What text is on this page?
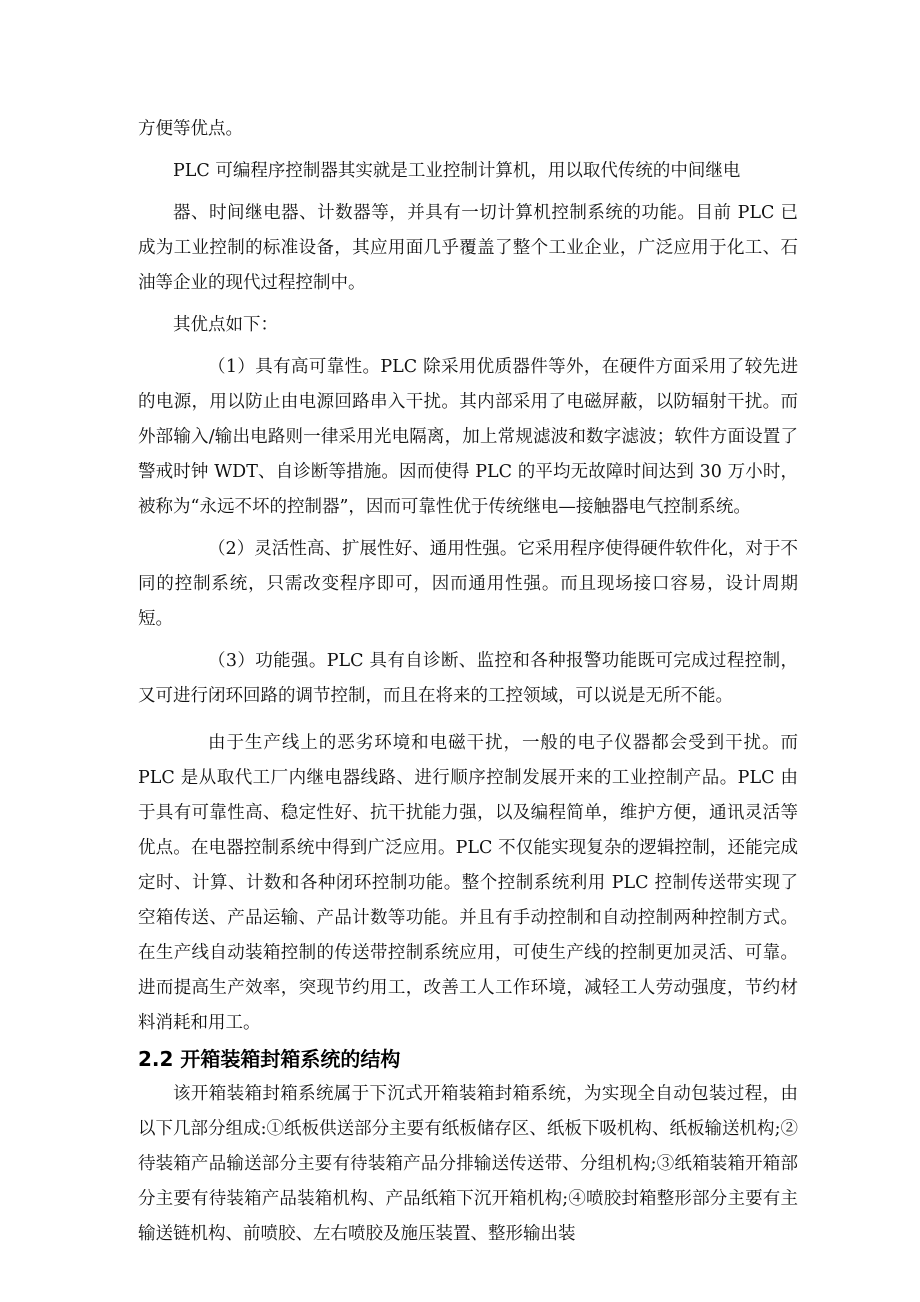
方便等优点。

PLC 可编程序控制器其实就是工业控制计算机，用以取代传统的中间继电

器、时间继电器、计数器等，并具有一切计算机控制系统的功能。目前 PLC 已成为工业控制的标准设备，其应用面几乎覆盖了整个工业企业，广泛应用于化工、石油等企业的现代过程控制中。

其优点如下：

（1）具有高可靠性。PLC 除采用优质器件等外，在硬件方面采用了较先进的电源，用以防止由电源回路串入干扰。其内部采用了电磁屏蔽，以防辐射干扰。而外部输入/输出电路则一律采用光电隔离，加上常规滤波和数字滤波；软件方面设置了警戒时钟 WDT、自诊断等措施。因而使得 PLC 的平均无故障时间达到 30 万小时，被称为“永远不坏的控制器”，因而可靠性优于传统继电—接触器电气控制系统。

（2）灵活性高、扩展性好、通用性强。它采用程序使得硬件软件化，对于不同的控制系统，只需改变程序即可，因而通用性强。而且现场接口容易，设计周期短。

（3）功能强。PLC 具有自诊断、监控和各种报警功能既可完成过程控制，又可进行闭环回路的调节控制，而且在将来的工控领域，可以说是无所不能。

由于生产线上的恶劣环境和电磁干扰，一般的电子仪器都会受到干扰。而 PLC 是从取代工厂内继电器线路、进行顺序控制发展开来的工业控制产品。PLC 由于具有可靠性高、稳定性好、抗干扰能力强，以及编程简单，维护方便，通讯灵活等优点。在电器控制系统中得到广泛应用。PLC 不仅能实现复杂的逻辑控制，还能完成定时、计算、计数和各种闭环控制功能。整个控制系统利用 PLC 控制传送带实现了空箱传送、产品运输、产品计数等功能。并且有手动控制和自动控制两种控制方式。在生产线自动装箱控制的传送带控制系统应用，可使生产线的控制更加灵活、可靠。进而提高生产效率，突现节约用工，改善工人工作环境，减轻工人劳动强度，节约材料消耗和用工。

2.2 开箱装箱封箱系统的结构

该开箱装箱封箱系统属于下沉式开箱装箱封箱系统，为实现全自动包装过程，由以下几部分组成:①纸板供送部分主要有纸板储存区、纸板下吸机构、纸板输送机构;②待装箱产品输送部分主要有待装箱产品分排输送传送带、分组机构;③纸箱装箱开箱部分主要有待装箱产品装箱机构、产品纸箱下沉开箱机构;④喷胶封箱整形部分主要有主输送链机构、前喷胶、左右喷胶及施压装置、整形输出装
